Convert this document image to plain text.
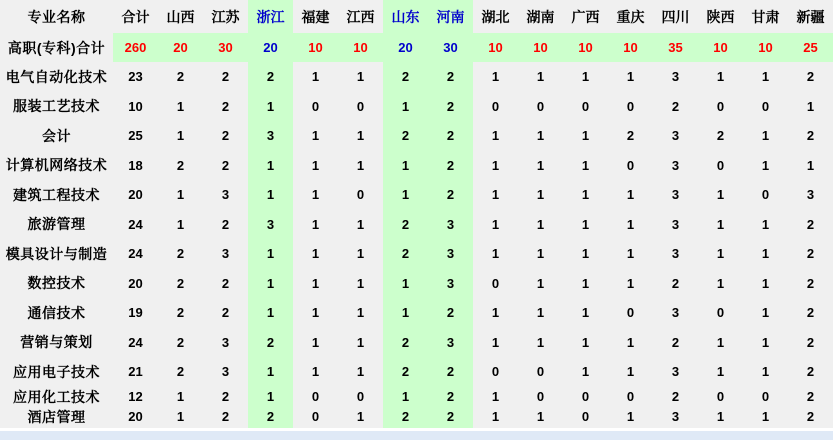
专业名称	合计	山西	江苏	浙江	福建	江西	山东	河南	湖北	湖南	广西	重庆	四川	陕西	甘肃	新疆
高职(专科)合计	260	20	30	20	10	10	20	30	10	10	10	10	35	10	10	25
电气自动化技术	23	2	2	2	1	1	2	2	1	1	1	1	3	1	1	2
服装工艺技术	10	1	2	1	0	0	1	2	0	0	0	0	2	0	0	1
会计	25	1	2	3	1	1	2	2	1	1	1	2	3	2	1	2
计算机网络技术	18	2	2	1	1	1	1	2	1	1	1	0	3	0	1	1
建筑工程技术	20	1	3	1	1	0	1	2	1	1	1	1	3	1	0	3
旅游管理	24	1	2	3	1	1	2	3	1	1	1	1	3	1	1	2
模具设计与制造	24	2	3	1	1	1	2	3	1	1	1	1	3	1	1	2
数控技术	20	2	2	1	1	1	1	3	0	1	1	1	2	1	1	2
通信技术	19	2	2	1	1	1	1	2	1	1	1	0	3	0	1	2
营销与策划	24	2	3	2	1	1	2	3	1	1	1	1	2	1	1	2
应用电子技术	21	2	3	1	1	1	2	2	0	0	1	1	3	1	1	2
应用化工技术	12	1	2	1	0	0	1	2	1	0	0	0	2	0	0	2
酒店管理	20	1	2	2	0	1	2	2	1	1	0	1	3	1	1	2
